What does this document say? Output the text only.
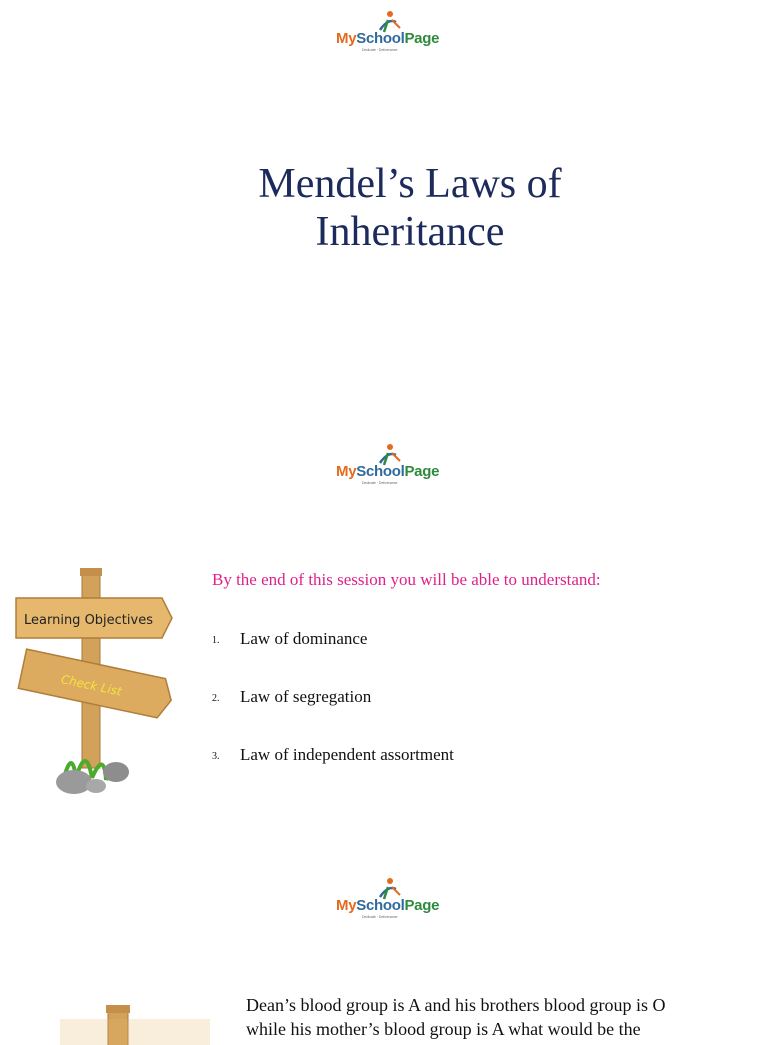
MySchoolPage
Dedicate · Deliverance
Mendel’s Laws of
Inheritance
MySchoolPage
Dedicate · Deliverance
Learning Objectives
Check List
By the end of this session you will be able to understand:
1. Law of dominance
2. Law of segregation
3. Law of independent assortment
MySchoolPage
Dedicate · Deliverance
Dean’s blood group is A and his brothers blood group is O
while his mother’s blood group is A what would be the
